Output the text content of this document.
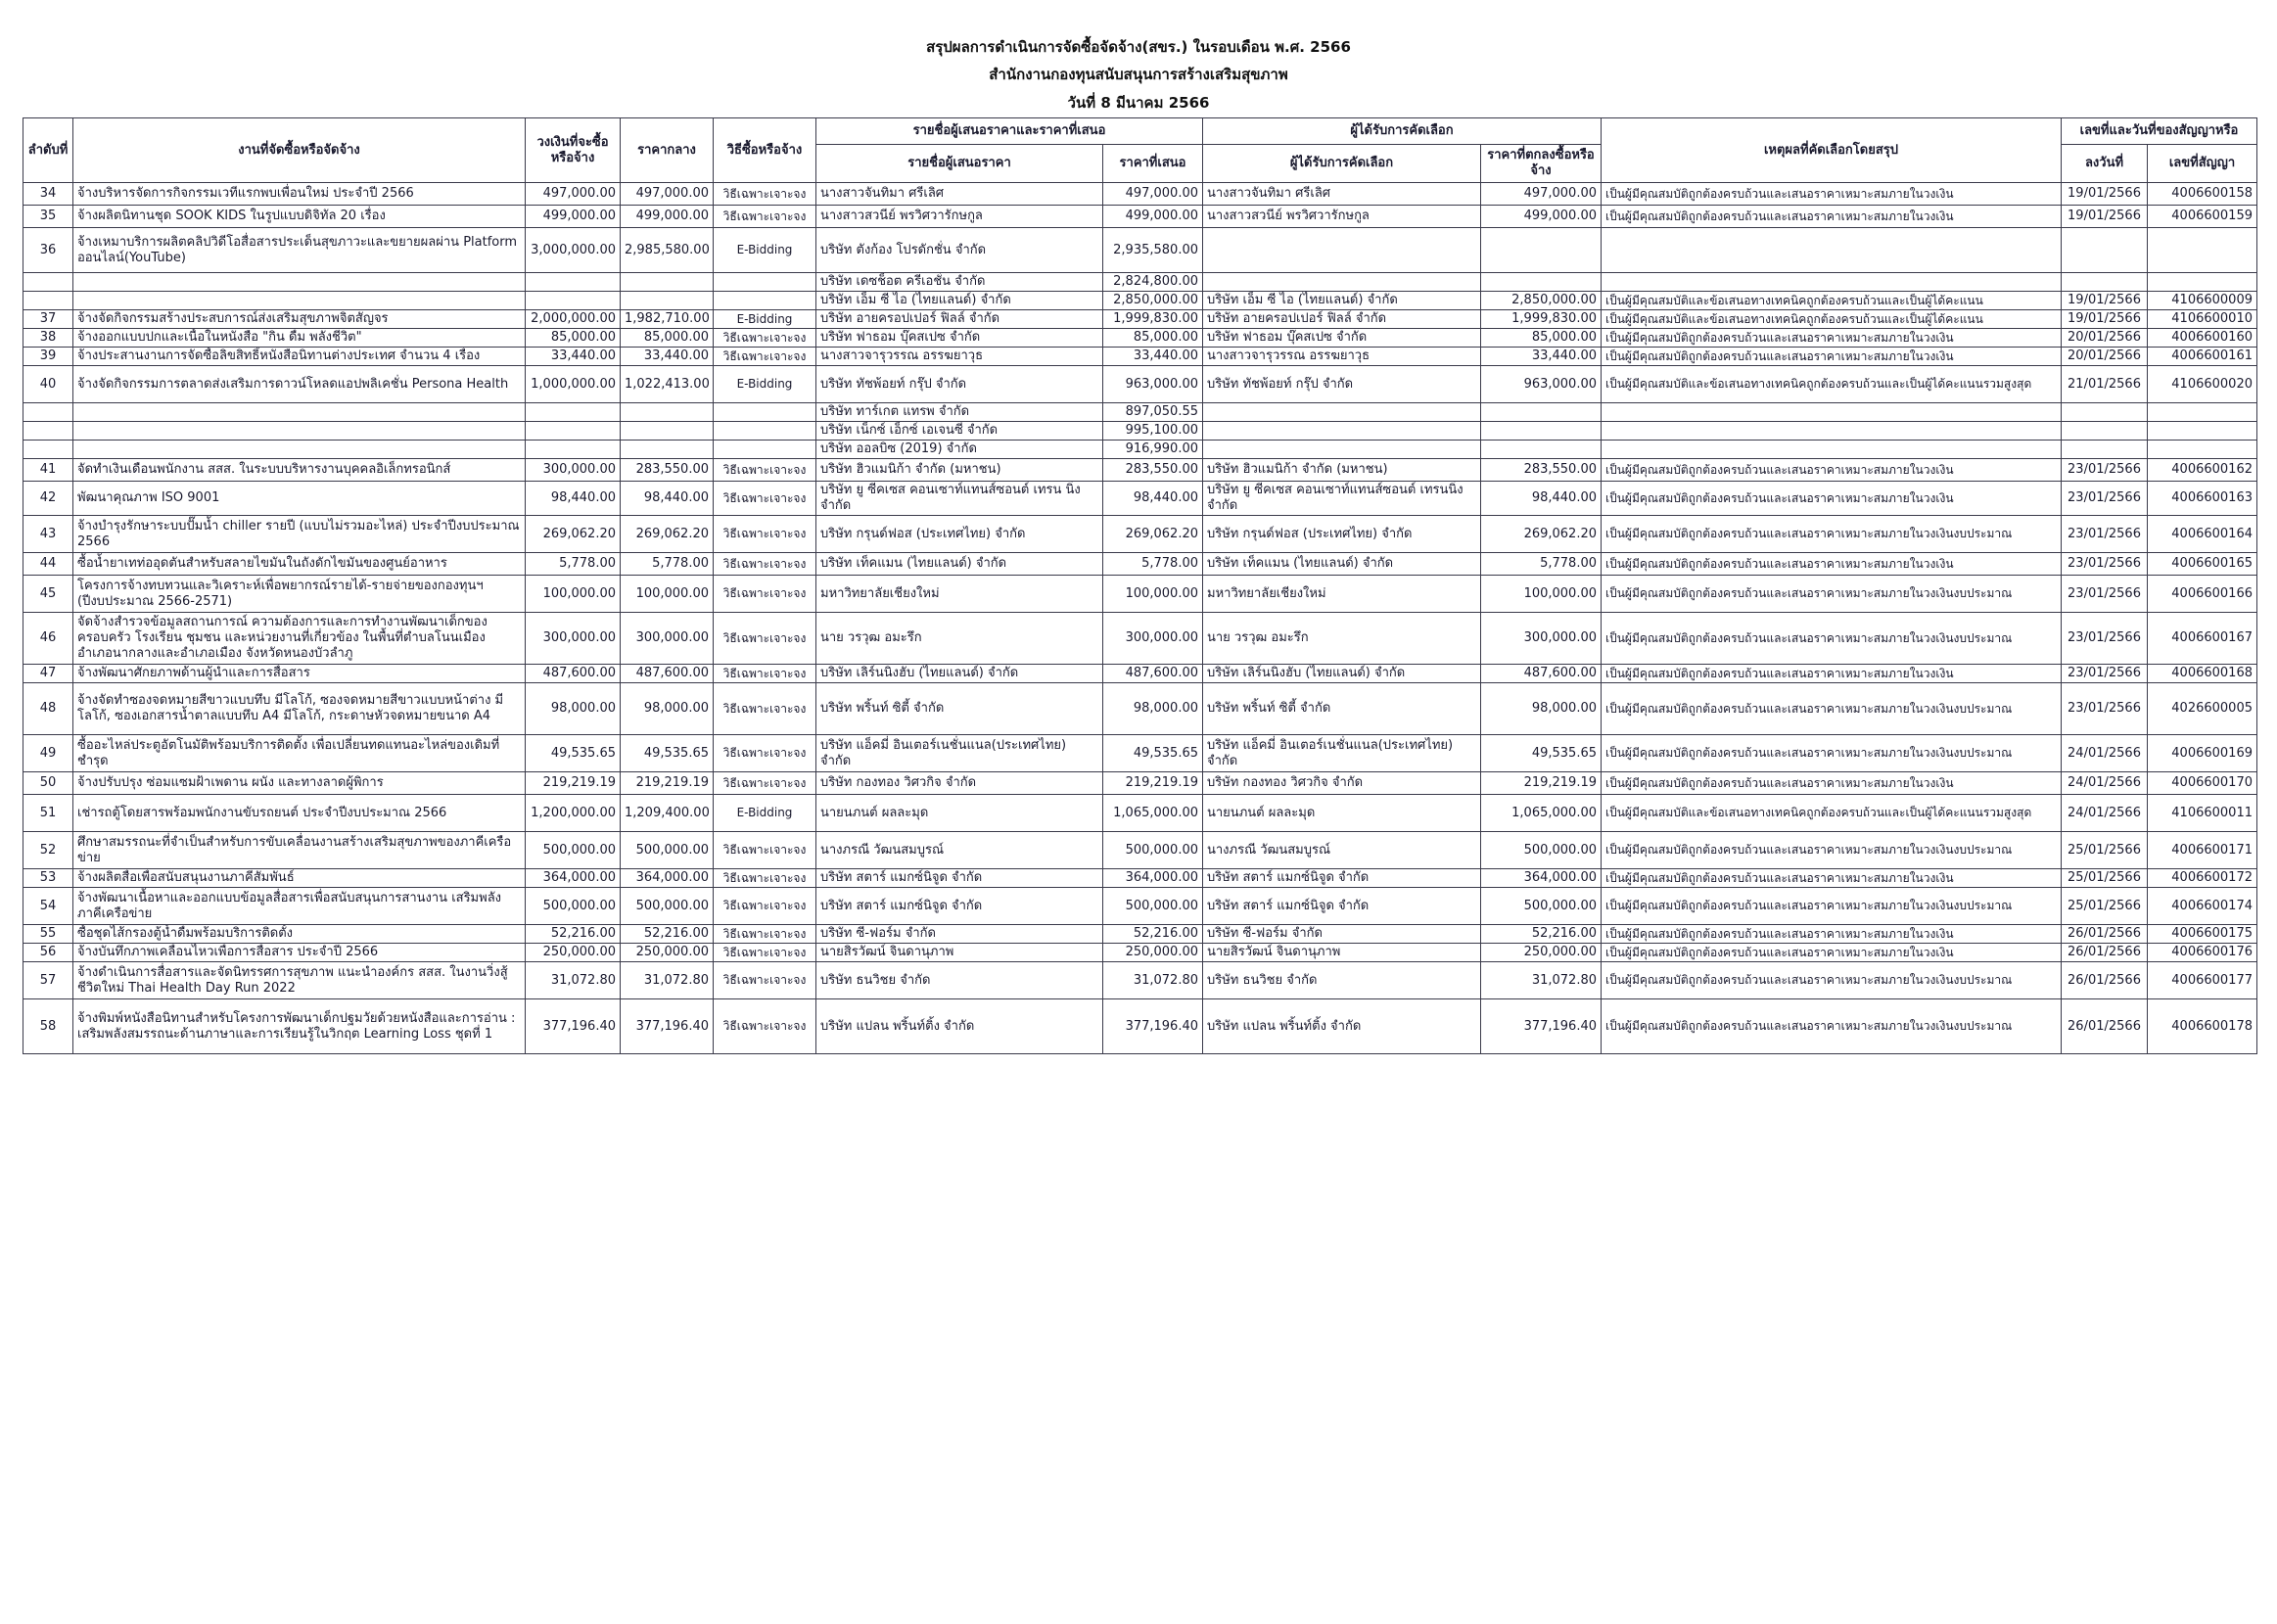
สรุปผลการดำเนินการจัดซื้อจัดจ้าง(สขร.) ในรอบเดือน พ.ศ. 2566
สำนักงานกองทุนสนับสนุนการสร้างเสริมสุขภาพ
วันที่ 8 มีนาคม 2566
ลำดับที่	งานที่จัดซื้อหรือจัดจ้าง	วงเงินที่จะซื้อหรือจ้าง	ราคากลาง	วิธีซื้อหรือจ้าง	รายชื่อผู้เสนอราคาและราคาที่เสนอ		ผู้ได้รับการคัดเลือก		เหตุผลที่คัดเลือกโดยสรุป	เลขที่และวันที่ของสัญญาหรือ	
					รายชื่อผู้เสนอราคา	ราคาที่เสนอ	ผู้ได้รับการคัดเลือก	ราคาที่ตกลงซื้อหรือจ้าง		ลงวันที่	เลขที่สัญญา
34	จ้างบริหารจัดการกิจกรรมเวทีแรกพบเพื่อนใหม่ ประจำปี 2566	497,000.00	497,000.00	วิธีเฉพาะเจาะจง	นางสาวจันทิมา ศรีเลิศ	497,000.00	นางสาวจันทิมา ศรีเลิศ	497,000.00	เป็นผู้มีคุณสมบัติถูกต้องครบถ้วนและเสนอราคาเหมาะสมภายในวงเงิน	19/01/2566	4006600158
35	จ้างผลิตนิทานชุด SOOK KIDS ในรูปแบบดิจิทัล 20 เรื่อง	499,000.00	499,000.00	วิธีเฉพาะเจาะจง	นางสาวสวนีย์ พรวิศวารักษกูล	499,000.00	นางสาวสวนีย์ พรวิศวารักษกูล	499,000.00	เป็นผู้มีคุณสมบัติถูกต้องครบถ้วนและเสนอราคาเหมาะสมภายในวงเงิน	19/01/2566	4006600159
36	จ้างเหมาบริการผลิตคลิปวิดีโอสื่อสารประเด็นสุขภาวะและขยายผลผ่าน Platform ออนไลน์(YouTube)	3,000,000.00	2,985,580.00	E-Bidding	บริษัท ตังก้อง โปรดักชั่น จำกัด	2,935,580.00					
					บริษัท เดซช็อต ครีเอชั่น จำกัด	2,824,800.00					
					บริษัท เอ็ม ซี ไอ (ไทยแลนด์) จำกัด	2,850,000.00	บริษัท เอ็ม ซี ไอ (ไทยแลนด์) จำกัด	2,850,000.00	เป็นผู้มีคุณสมบัติและข้อเสนอทางเทคนิคถูกต้องครบถ้วนและเป็นผู้ได้คะแนน	19/01/2566	4106600009
37	จ้างจัดกิจกรรมสร้างประสบการณ์ส่งเสริมสุขภาพจิตสัญจร	2,000,000.00	1,982,710.00	E-Bidding	บริษัท อายครอปเปอร์ ฟิลล์ จำกัด	1,999,830.00	บริษัท อายครอปเปอร์ ฟิลล์ จำกัด	1,999,830.00	เป็นผู้มีคุณสมบัติและข้อเสนอทางเทคนิคถูกต้องครบถ้วนและเป็นผู้ได้คะแนน	19/01/2566	4106600010
38	จ้างออกแบบปกและเนื้อในหนังสือ "กิน ดื่ม พลังชีวิต"	85,000.00	85,000.00	วิธีเฉพาะเจาะจง	บริษัท ฟาธอม บุ๊คสเปซ จำกัด	85,000.00	บริษัท ฟาธอม บุ๊คสเปซ จำกัด	85,000.00	เป็นผู้มีคุณสมบัติถูกต้องครบถ้วนและเสนอราคาเหมาะสมภายในวงเงิน	20/01/2566	4006600160
39	จ้างประสานงานการจัดซื้อลิขสิทธิ์หนังสือนิทานต่างประเทศ จำนวน 4 เรื่อง	33,440.00	33,440.00	วิธีเฉพาะเจาะจง	นางสาวจารุวรรณ อรรฆยาวุธ	33,440.00	นางสาวจารุวรรณ อรรฆยาวุธ	33,440.00	เป็นผู้มีคุณสมบัติถูกต้องครบถ้วนและเสนอราคาเหมาะสมภายในวงเงิน	20/01/2566	4006600161
40	จ้างจัดกิจกรรมการตลาดส่งเสริมการดาวน์โหลดแอปพลิเคชั่น Persona Health	1,000,000.00	1,022,413.00	E-Bidding	บริษัท ทัชพ้อยท์ กรุ๊ป จำกัด	963,000.00	บริษัท ทัชพ้อยท์ กรุ๊ป จำกัด	963,000.00	เป็นผู้มีคุณสมบัติและข้อเสนอทางเทคนิคถูกต้องครบถ้วนและเป็นผู้ได้คะแนนรวมสูงสุด	21/01/2566	4106600020
					บริษัท ทาร์เกต แทรพ จำกัด	897,050.55					
					บริษัท เน็กซ์ เอ็กซ์ เอเจนซี่ จำกัด	995,100.00					
					บริษัท ออลบิซ (2019) จำกัด	916,990.00					
41	จัดทำเงินเดือนพนักงาน สสส. ในระบบบริหารงานบุคคลอิเล็กทรอนิกส์	300,000.00	283,550.00	วิธีเฉพาะเจาะจง	บริษัท ฮิวแมนิก้า จำกัด (มหาชน)	283,550.00	บริษัท ฮิวแมนิก้า จำกัด (มหาชน)	283,550.00	เป็นผู้มีคุณสมบัติถูกต้องครบถ้วนและเสนอราคาเหมาะสมภายในวงเงิน	23/01/2566	4006600162
42	พัฒนาคุณภาพ ISO 9001	98,440.00	98,440.00	วิธีเฉพาะเจาะจง	บริษัท ยู ซีคเซส คอนเซาท์แทนส์ซอนต์ เทรน นิ่ง จำกัด	98,440.00	บริษัท ยู ซีคเซส คอนเซาท์แทนส์ซอนต์ เทรนนิ่ง จำกัด	98,440.00	เป็นผู้มีคุณสมบัติถูกต้องครบถ้วนและเสนอราคาเหมาะสมภายในวงเงิน	23/01/2566	4006600163
43	จ้างบำรุงรักษาระบบปั๊มน้ำ chiller รายปี (แบบไม่รวมอะไหล่) ประจำปีงบประมาณ 2566	269,062.20	269,062.20	วิธีเฉพาะเจาะจง	บริษัท กรุนด์ฟอส (ประเทศไทย) จำกัด	269,062.20	บริษัท กรุนด์ฟอส (ประเทศไทย) จำกัด	269,062.20	เป็นผู้มีคุณสมบัติถูกต้องครบถ้วนและเสนอราคาเหมาะสมภายในวงเงินงบประมาณ	23/01/2566	4006600164
44	ซื้อน้ำยาเทท่ออุดตันสำหรับสลายไขมันในถังดักไขมันของศูนย์อาหาร	5,778.00	5,778.00	วิธีเฉพาะเจาะจง	บริษัท เท็คแมน (ไทยแลนด์) จำกัด	5,778.00	บริษัท เท็คแมน (ไทยแลนด์) จำกัด	5,778.00	เป็นผู้มีคุณสมบัติถูกต้องครบถ้วนและเสนอราคาเหมาะสมภายในวงเงิน	23/01/2566	4006600165
45	โครงการจ้างทบทวนและวิเคราะห์เพื่อพยากรณ์รายได้-รายจ่ายของกองทุนฯ (ปีงบประมาณ 2566-2571)	100,000.00	100,000.00	วิธีเฉพาะเจาะจง	มหาวิทยาลัยเชียงใหม่	100,000.00	มหาวิทยาลัยเชียงใหม่	100,000.00	เป็นผู้มีคุณสมบัติถูกต้องครบถ้วนและเสนอราคาเหมาะสมภายในวงเงินงบประมาณ	23/01/2566	4006600166
46	จัดจ้างสำรวจข้อมูลสถานการณ์ ความต้องการและการทำงานพัฒนาเด็กของครอบครัว โรงเรียน ชุมชน และหน่วยงานที่เกี่ยวข้อง ในพื้นที่ตำบลโนนเมือง อำเภอนากลางและอำเภอเมือง จังหวัดหนองบัวลำภู	300,000.00	300,000.00	วิธีเฉพาะเจาะจง	นาย วรวุฒ อมะรึก	300,000.00	นาย วรวุฒ อมะรึก	300,000.00	เป็นผู้มีคุณสมบัติถูกต้องครบถ้วนและเสนอราคาเหมาะสมภายในวงเงินงบประมาณ	23/01/2566	4006600167
47	จ้างพัฒนาศักยภาพด้านผู้นำและการสื่อสาร	487,600.00	487,600.00	วิธีเฉพาะเจาะจง	บริษัท เลิร์นนิงฮับ (ไทยแลนด์) จำกัด	487,600.00	บริษัท เลิร์นนิงฮับ (ไทยแลนด์) จำกัด	487,600.00	เป็นผู้มีคุณสมบัติถูกต้องครบถ้วนและเสนอราคาเหมาะสมภายในวงเงิน	23/01/2566	4006600168
48	จ้างจัดทำซองจดหมายสีขาวแบบทึบ มีโลโก้, ซองจดหมายสีขาวแบบหน้าต่าง มีโลโก้, ซองเอกสารน้ำตาลแบบทึบ A4 มีโลโก้, กระดาษหัวจดหมายขนาด A4	98,000.00	98,000.00	วิธีเฉพาะเจาะจง	บริษัท พริ้นท์ ซิตี้ จำกัด	98,000.00	บริษัท พริ้นท์ ซิตี้ จำกัด	98,000.00	เป็นผู้มีคุณสมบัติถูกต้องครบถ้วนและเสนอราคาเหมาะสมภายในวงเงินงบประมาณ	23/01/2566	4026600005
49	ซื้ออะไหล่ประตูอัตโนมัติพร้อมบริการติดตั้ง เพื่อเปลี่ยนทดแทนอะไหล่ของเดิมที่ชำรุด	49,535.65	49,535.65	วิธีเฉพาะเจาะจง	บริษัท แอ็คมี่ อินเตอร์เนชั่นแนล(ประเทศไทย) จำกัด	49,535.65	บริษัท แอ็คมี่ อินเตอร์เนชั่นแนล(ประเทศไทย) จำกัด	49,535.65	เป็นผู้มีคุณสมบัติถูกต้องครบถ้วนและเสนอราคาเหมาะสมภายในวงเงินงบประมาณ	24/01/2566	4006600169
50	จ้างปรับปรุง ซ่อมแซมฝ้าเพดาน ผนัง และทางลาดผู้พิการ	219,219.19	219,219.19	วิธีเฉพาะเจาะจง	บริษัท กองทอง วิศวกิจ จำกัด	219,219.19	บริษัท กองทอง วิศวกิจ จำกัด	219,219.19	เป็นผู้มีคุณสมบัติถูกต้องครบถ้วนและเสนอราคาเหมาะสมภายในวงเงิน	24/01/2566	4006600170
51	เช่ารถตู้โดยสารพร้อมพนักงานขับรถยนต์ ประจำปีงบประมาณ 2566	1,200,000.00	1,209,400.00	E-Bidding	นายนภนต์ ผลละมุด	1,065,000.00	นายนภนต์ ผลละมุด	1,065,000.00	เป็นผู้มีคุณสมบัติและข้อเสนอทางเทคนิคถูกต้องครบถ้วนและเป็นผู้ได้คะแนนรวมสูงสุด	24/01/2566	4106600011
52	ศึกษาสมรรถนะที่จำเป็นสำหรับการขับเคลื่อนงานสร้างเสริมสุขภาพของภาคีเครือข่าย	500,000.00	500,000.00	วิธีเฉพาะเจาะจง	นางภรณี วัฒนสมบูรณ์	500,000.00	นางภรณี วัฒนสมบูรณ์	500,000.00	เป็นผู้มีคุณสมบัติถูกต้องครบถ้วนและเสนอราคาเหมาะสมภายในวงเงินงบประมาณ	25/01/2566	4006600171
53	จ้างผลิตสื่อเพื่อสนับสนุนงานภาคีสัมพันธ์	364,000.00	364,000.00	วิธีเฉพาะเจาะจง	บริษัท สตาร์ แมกซ์นิจูด จำกัด	364,000.00	บริษัท สตาร์ แมกซ์นิจูด จำกัด	364,000.00	เป็นผู้มีคุณสมบัติถูกต้องครบถ้วนและเสนอราคาเหมาะสมภายในวงเงิน	25/01/2566	4006600172
54	จ้างพัฒนาเนื้อหาและออกแบบข้อมูลสื่อสารเพื่อสนับสนุนการสานงาน เสริมพลังภาคีเครือข่าย	500,000.00	500,000.00	วิธีเฉพาะเจาะจง	บริษัท สตาร์ แมกซ์นิจูด จำกัด	500,000.00	บริษัท สตาร์ แมกซ์นิจูด จำกัด	500,000.00	เป็นผู้มีคุณสมบัติถูกต้องครบถ้วนและเสนอราคาเหมาะสมภายในวงเงินงบประมาณ	25/01/2566	4006600174
55	ซื้อชุดไส้กรองตู้น้ำดื่มพร้อมบริการติดตั้ง	52,216.00	52,216.00	วิธีเฉพาะเจาะจง	บริษัท ซี-ฟอร์ม จำกัด	52,216.00	บริษัท ซี-ฟอร์ม จำกัด	52,216.00	เป็นผู้มีคุณสมบัติถูกต้องครบถ้วนและเสนอราคาเหมาะสมภายในวงเงิน	26/01/2566	4006600175
56	จ้างบันทึกภาพเคลื่อนไหวเพื่อการสื่อสาร ประจำปี 2566	250,000.00	250,000.00	วิธีเฉพาะเจาะจง	นายสิรวัฒน์ จินดานุภาพ	250,000.00	นายสิรวัฒน์ จินดานุภาพ	250,000.00	เป็นผู้มีคุณสมบัติถูกต้องครบถ้วนและเสนอราคาเหมาะสมภายในวงเงิน	26/01/2566	4006600176
57	จ้างดำเนินการสื่อสารและจัดนิทรรศการสุขภาพ แนะนำองค์กร สสส. ในงานวิ่งสู้ชีวิตใหม่ Thai Health Day Run 2022	31,072.80	31,072.80	วิธีเฉพาะเจาะจง	บริษัท ธนวิชย จำกัด	31,072.80	บริษัท ธนวิชย จำกัด	31,072.80	เป็นผู้มีคุณสมบัติถูกต้องครบถ้วนและเสนอราคาเหมาะสมภายในวงเงินงบประมาณ	26/01/2566	4006600177
58	จ้างพิมพ์หนังสือนิทานสำหรับโครงการพัฒนาเด็กปฐมวัยด้วยหนังสือและการอ่าน : เสริมพลังสมรรถนะด้านภาษาและการเรียนรู้ในวิกฤต Learning Loss ชุดที่ 1	377,196.40	377,196.40	วิธีเฉพาะเจาะจง	บริษัท แปลน พริ้นท์ติ้ง จำกัด	377,196.40	บริษัท แปลน พริ้นท์ติ้ง จำกัด	377,196.40	เป็นผู้มีคุณสมบัติถูกต้องครบถ้วนและเสนอราคาเหมาะสมภายในวงเงินงบประมาณ	26/01/2566	4006600178
